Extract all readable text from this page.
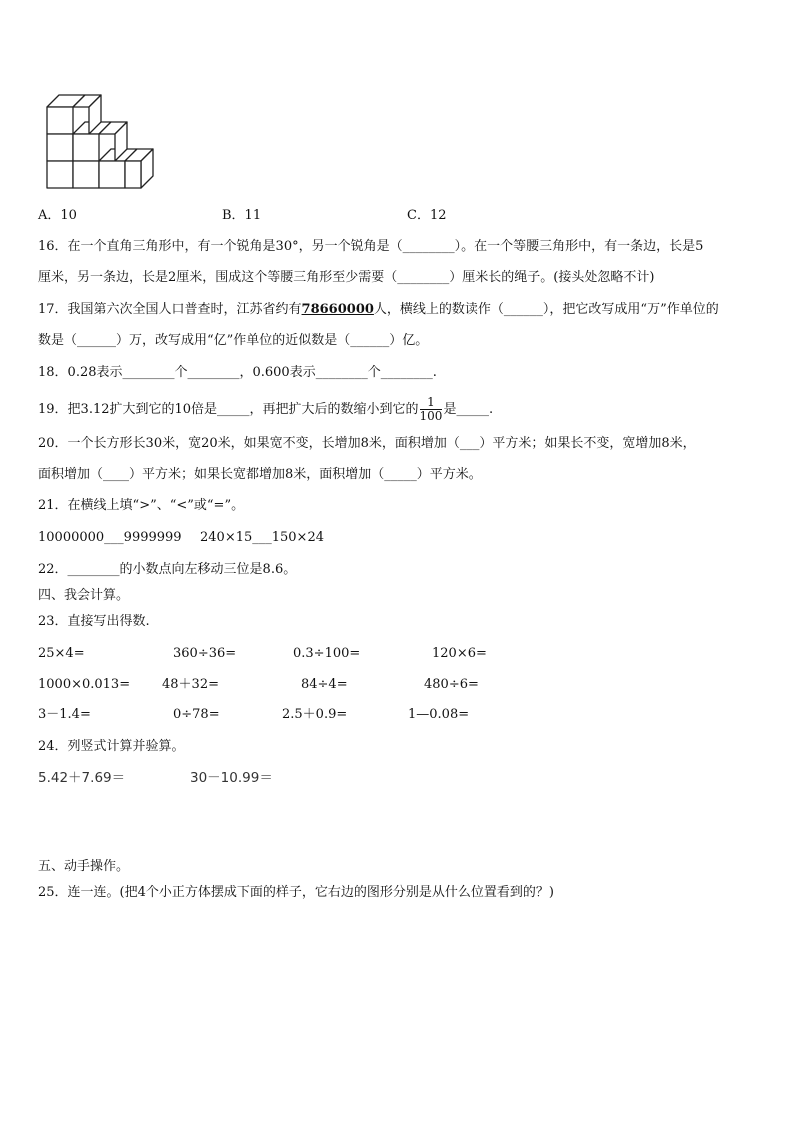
A．10	B．11	C．12
16．在一个直角三角形中，有一个锐角是30°，另一个锐角是（________）。在一个等腰三角形中，有一条边，长是5
厘米，另一条边，长是2厘米，围成这个等腰三角形至少需要（________）厘米长的绳子。(接头处忽略不计)
17．我国第六次全国人口普查时，江苏省约有78660000人，横线上的数读作（______），把它改写成用“万”作单位的
数是（______）万，改写成用“亿”作单位的近似数是（______）亿。
18．0.28表示________个________，0.600表示________个________.
19．把3.12扩大到它的10倍是_____，再把扩大后的数缩小到它的 $\frac{1}{100}$ 是_____.
20．一个长方形长30米，宽20米，如果宽不变，长增加8米，面积增加（___）平方米；如果长不变，宽增加8米，
面积增加（____）平方米；如果长宽都增加8米，面积增加（_____）平方米。
21．在横线上填“>”、“<”或“=”。
10000000___9999999 240×15___150×24
22．________的小数点向左移动三位是8.6。
四、我会计算。
23．直接写出得数.
25×4=	360÷36=	0.3÷100=	120×6=
1000×0.013= 48＋32=	84÷4=	480÷6=
3－1.4=	0÷78=	2.5＋0.9=	1—0.08=
24．列竖式计算并验算。
5.42＋7.69＝	30－10.99＝
五、动手操作。
25．连一连。(把4个小正方体摆成下面的样子，它右边的图形分别是从什么位置看到的？)
